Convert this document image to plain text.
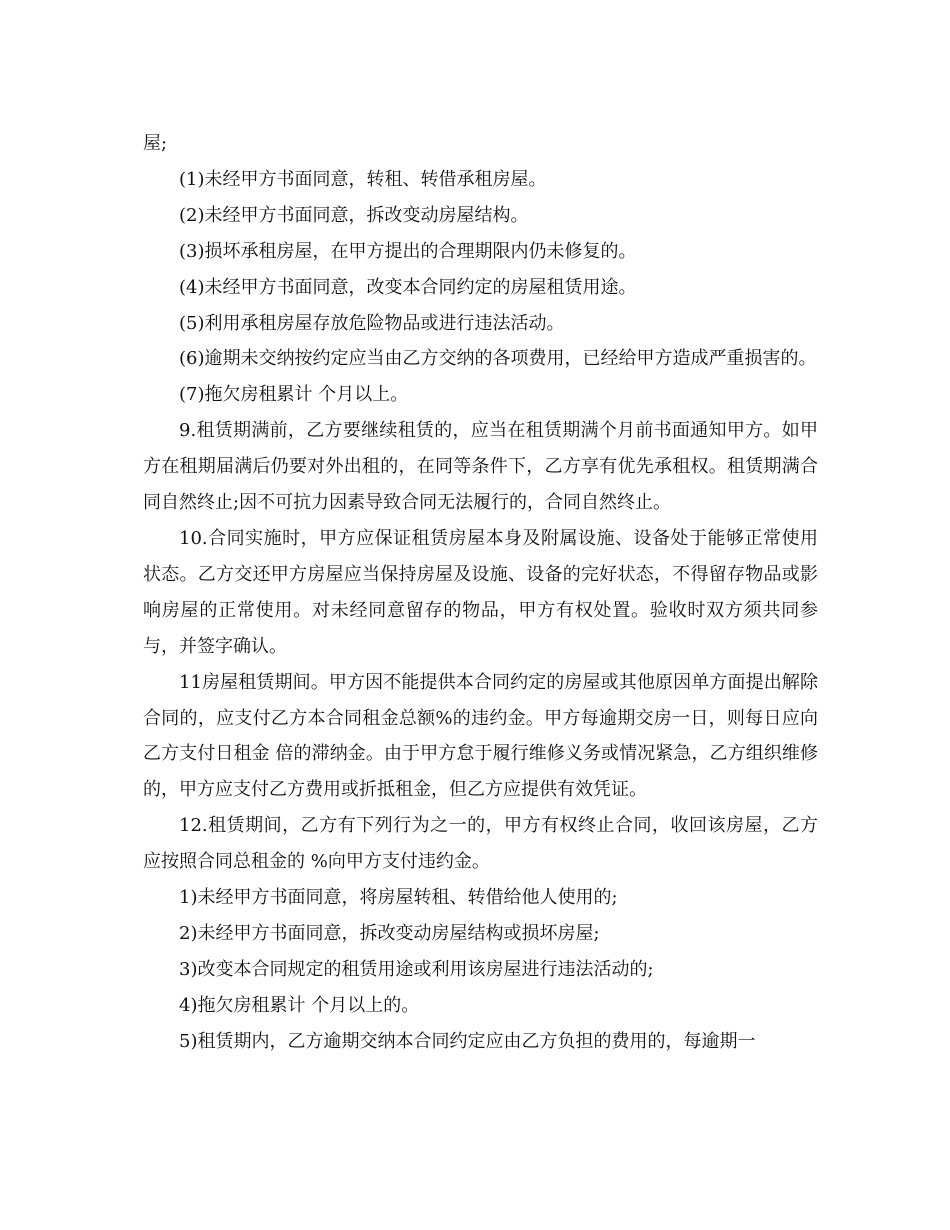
屋;

(1)未经甲方书面同意，转租、转借承租房屋。

(2)未经甲方书面同意，拆改变动房屋结构。

(3)损坏承租房屋，在甲方提出的合理期限内仍未修复的。

(4)未经甲方书面同意，改变本合同约定的房屋租赁用途。

(5)利用承租房屋存放危险物品或进行违法活动。

(6)逾期未交纳按约定应当由乙方交纳的各项费用，已经给甲方造成严重损害的。

(7)拖欠房租累计 个月以上。

9.租赁期满前，乙方要继续租赁的，应当在租赁期满个月前书面通知甲方。如甲方在租期届满后仍要对外出租的，在同等条件下，乙方享有优先承租权。租赁期满合同自然终止;因不可抗力因素导致合同无法履行的，合同自然终止。

10.合同实施时，甲方应保证租赁房屋本身及附属设施、设备处于能够正常使用状态。乙方交还甲方房屋应当保持房屋及设施、设备的完好状态，不得留存物品或影响房屋的正常使用。对未经同意留存的物品，甲方有权处置。验收时双方须共同参与，并签字确认。

11房屋租赁期间。甲方因不能提供本合同约定的房屋或其他原因单方面提出解除合同的，应支付乙方本合同租金总额%的违约金。甲方每逾期交房一日，则每日应向乙方支付日租金 倍的滞纳金。由于甲方怠于履行维修义务或情况紧急，乙方组织维修的，甲方应支付乙方费用或折抵租金，但乙方应提供有效凭证。

12.租赁期间，乙方有下列行为之一的，甲方有权终止合同，收回该房屋，乙方应按照合同总租金的 %向甲方支付违约金。

1)未经甲方书面同意，将房屋转租、转借给他人使用的;

2)未经甲方书面同意，拆改变动房屋结构或损坏房屋;

3)改变本合同规定的租赁用途或利用该房屋进行违法活动的;

4)拖欠房租累计 个月以上的。

5)租赁期内，乙方逾期交纳本合同约定应由乙方负担的费用的，每逾期一
